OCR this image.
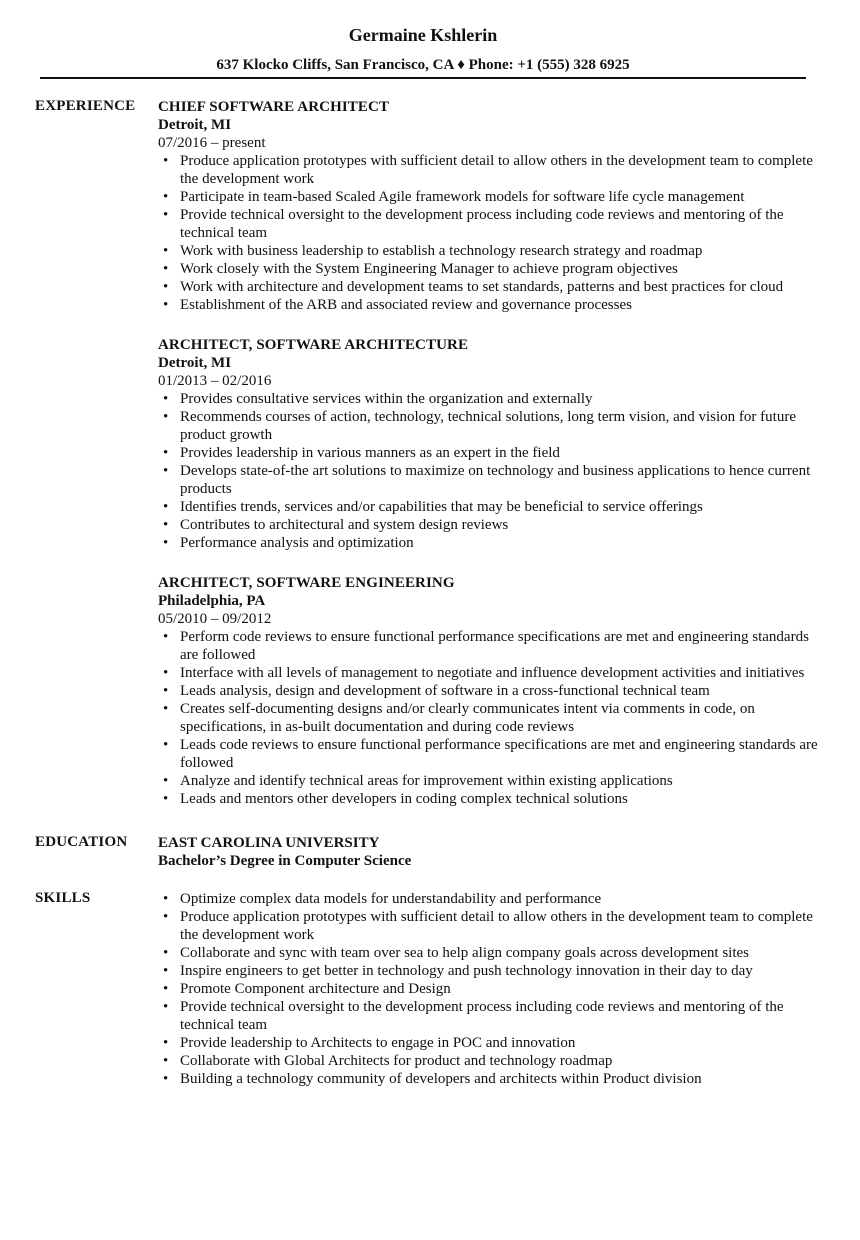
Germaine Kshlerin
637 Klocko Cliffs, San Francisco, CA ♦ Phone: +1 (555) 328 6925
EXPERIENCE CHIEF SOFTWARE ARCHITECT
Detroit, MI
07/2016 – present
• Produce application prototypes with sufficient detail to allow others in the development team to complete the development work
• Participate in team-based Scaled Agile framework models for software life cycle management
• Provide technical oversight to the development process including code reviews and mentoring of the technical team
• Work with business leadership to establish a technology research strategy and roadmap
• Work closely with the System Engineering Manager to achieve program objectives
• Work with architecture and development teams to set standards, patterns and best practices for cloud
• Establishment of the ARB and associated review and governance processes
ARCHITECT, SOFTWARE ARCHITECTURE
Detroit, MI
01/2013 – 02/2016
• Provides consultative services within the organization and externally
• Recommends courses of action, technology, technical solutions, long term vision, and vision for future product growth
• Provides leadership in various manners as an expert in the field
• Develops state-of-the art solutions to maximize on technology and business applications to hence current products
• Identifies trends, services and/or capabilities that may be beneficial to service offerings
• Contributes to architectural and system design reviews
• Performance analysis and optimization
ARCHITECT, SOFTWARE ENGINEERING
Philadelphia, PA
05/2010 – 09/2012
• Perform code reviews to ensure functional performance specifications are met and engineering standards are followed
• Interface with all levels of management to negotiate and influence development activities and initiatives
• Leads analysis, design and development of software in a cross-functional technical team
• Creates self-documenting designs and/or clearly communicates intent via comments in code, on specifications, in as-built documentation and during code reviews
• Leads code reviews to ensure functional performance specifications are met and engineering standards are followed
• Analyze and identify technical areas for improvement within existing applications
• Leads and mentors other developers in coding complex technical solutions
EDUCATION EAST CAROLINA UNIVERSITY
Bachelor’s Degree in Computer Science
SKILLS
•	Optimize complex data models for understandability and performance
• Produce application prototypes with sufficient detail to allow others in the development team to complete the development work
• Collaborate and sync with team over sea to help align company goals across development sites
• Inspire engineers to get better in technology and push technology innovation in their day to day
• Promote Component architecture and Design
• Provide technical oversight to the development process including code reviews and mentoring of the technical team
• Provide leadership to Architects to engage in POC and innovation
• Collaborate with Global Architects for product and technology roadmap
• Building a technology community of developers and architects within Product division
